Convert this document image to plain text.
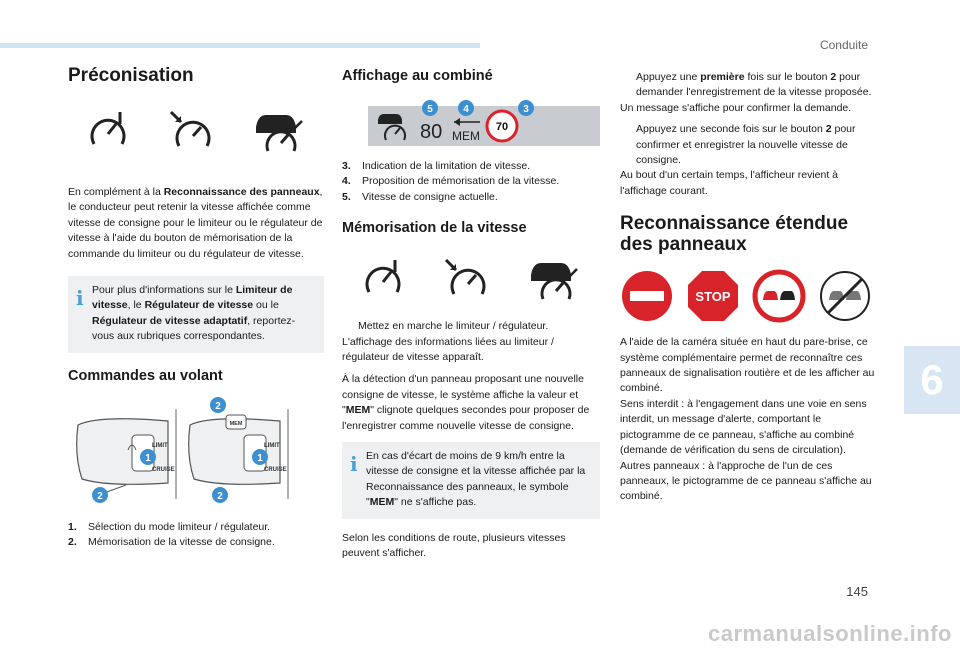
Conduite
6
145
carmanualsonline.info
Préconisation

En complément à la Reconnaissance des panneaux, le conducteur peut retenir la vitesse affichée comme vitesse de consigne pour le limiteur ou le régulateur de vitesse à l'aide du bouton de mémorisation de la commande du limiteur ou du régulateur de vitesse.

i Pour plus d'informations sur le Limiteur de vitesse, le Régulateur de vitesse ou le Régulateur de vitesse adaptatif, reportez-vous aux rubriques correspondantes.

Commandes au volant
LIMIT
CRUISE
1
2
MEM
LIMIT
CRUISE
2
1
2
1.	Sélection du mode limiteur / régulateur.
2.	Mémorisation de la vitesse de consigne.
Affichage au combiné
80 MEM
70
5	4	3
3.	Indication de la limitation de vitesse.
4.	Proposition de mémorisation de la vitesse.
5.	Vitesse de consigne actuelle.
Mémorisation de la vitesse

Mettez en marche le limiteur / régulateur.

L'affichage des informations liées au limiteur / régulateur de vitesse apparaît.

À la détection d'un panneau proposant une nouvelle consigne de vitesse, le système affiche la valeur et "MEM" clignote quelques secondes pour proposer de l'enregistrer comme nouvelle vitesse de consigne.

i En cas d'écart de moins de 9 km/h entre la vitesse de consigne et la vitesse affichée par la Reconnaissance des panneaux, le symbole "MEM" ne s'affiche pas.

Selon les conditions de route, plusieurs vitesses peuvent s'afficher.

Appuyez une première fois sur le bouton 2 pour demander l'enregistrement de la vitesse proposée.

Un message s'affiche pour confirmer la demande.

Appuyez une seconde fois sur le bouton 2 pour confirmer et enregistrer la nouvelle vitesse de consigne.

Au bout d'un certain temps, l'afficheur revient à l'affichage courant.

Reconnaissance étendue
des panneaux
STOP

A l'aide de la caméra située en haut du pare-brise, ce système complémentaire permet de reconnaître ces panneaux de signalisation routière et de les afficher au combiné.

Sens interdit : à l'engagement dans une voie en sens interdit, un message d'alerte, comportant le pictogramme de ce panneau, s'affiche au combiné (demande de vérification du sens de circulation).

Autres panneaux : à l'approche de l'un de ces panneaux, le pictogramme de ce panneau s'affiche au combiné.
